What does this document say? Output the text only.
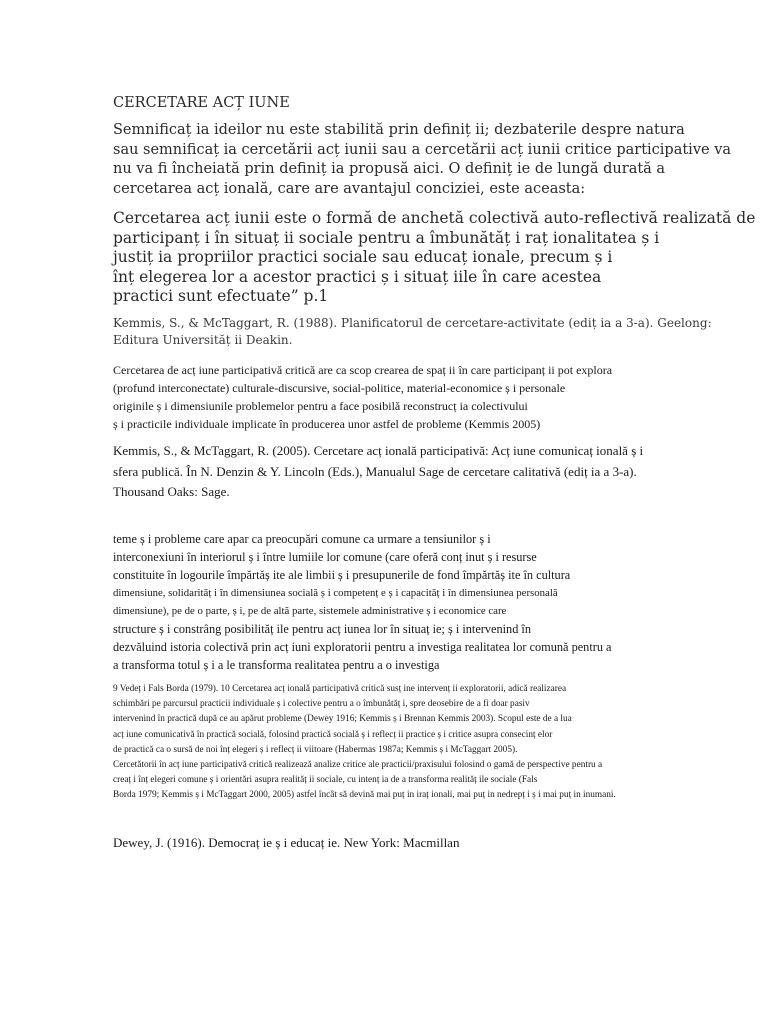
CERCETARE ACȚ IUNE
Semnificaț ia ideilor nu este stabilită prin definiț ii; dezbaterile despre natura
sau semnificaț ia cercetării acț iunii sau a cercetării acț iunii critice participative va
nu va fi încheiată prin definiț ia propusă aici. O definiț ie de lungă durată a
cercetarea acț ională, care are avantajul conciziei, este aceasta:
Cercetarea acț iunii este o formă de anchetă colectivă auto-reflectivă realizată de
participanț i în situaț ii sociale pentru a îmbunătăț i raț ionalitatea ș i
justiț ia propriilor practici sociale sau educaț ionale, precum ș i
înț elegerea lor a acestor practici ș i situaț iile în care acestea
practici sunt efectuate” p.1
Kemmis, S., & McTaggart, R. (1988). Planificatorul de cercetare-activitate (ediț ia a 3-a). Geelong:
Editura Universităț ii Deakin.
Cercetarea de acț iune participativă critică are ca scop crearea de spaț ii în care participanț ii pot explora
(profund interconectate) culturale-discursive, social-politice, material-economice ș i personale
originile ș i dimensiunile problemelor pentru a face posibilă reconstrucț ia colectivului
ș i practicile individuale implicate în producerea unor astfel de probleme (Kemmis 2005)
Kemmis, S., & McTaggart, R. (2005). Cercetare acț ională participativă: Acț iune comunicaț ională ș i
sfera publică. În N. Denzin & Y. Lincoln (Eds.), Manualul Sage de cercetare calitativă (ediț ia a 3-a).
Thousand Oaks: Sage.
teme ș i probleme care apar ca preocupări comune ca urmare a tensiunilor ș i
interconexiuni în interiorul ș i între lumiile lor comune (care oferă conț inut ș i resurse
constituite în logourile împărtăș ite ale limbii ș i presupunerile de fond împărtăș ite în cultura
dimensiune, solidarităț i în dimensiunea socială ș i competenț e ș i capacităț i în dimensiunea personală
dimensiune), pe de o parte, ș i, pe de altă parte, sistemele administrative ș i economice care
structure ș i constrâng posibilităț ile pentru acț iunea lor în situaț ie; ș i intervenind în
dezvăluind istoria colectivă prin acț iuni exploratorii pentru a investiga realitatea lor comună pentru a
a transforma totul ș i a le transforma realitatea pentru a o investiga
9 Vedeț i Fals Borda (1979). 10 Cercetarea acț ională participativă critică susț ine intervenț ii exploratorii, adică realizarea
schimbări pe parcursul practicii individuale ș i colective pentru a o îmbunătăț i, spre deosebire de a fi doar pasiv
intervenind în practică după ce au apărut probleme (Dewey 1916; Kemmis ș i Brennan Kemmis 2003). Scopul este de a lua
acț iune comunicativă în practică socială, folosind practică socială ș i reflecț ii practice ș i critice asupra consecinț elor
de practică ca o sursă de noi înț elegeri ș i reflecț ii viitoare (Habermas 1987a; Kemmis ș i McTaggart 2005).
Cercetătorii în acț iune participativă critică realizează analize critice ale practicii/praxisului folosind o gamă de perspective pentru a
creaț i înț elegeri comune ș i orientări asupra realităț ii sociale, cu intenț ia de a transforma realităț ile sociale (Fals
Borda 1979; Kemmis ș i McTaggart 2000, 2005) astfel încât să devină mai puț in iraț ionali, mai puț in nedrepț i ș i mai puț in inumani.
Dewey, J. (1916). Democraț ie ș i educaț ie. New York: Macmillan
